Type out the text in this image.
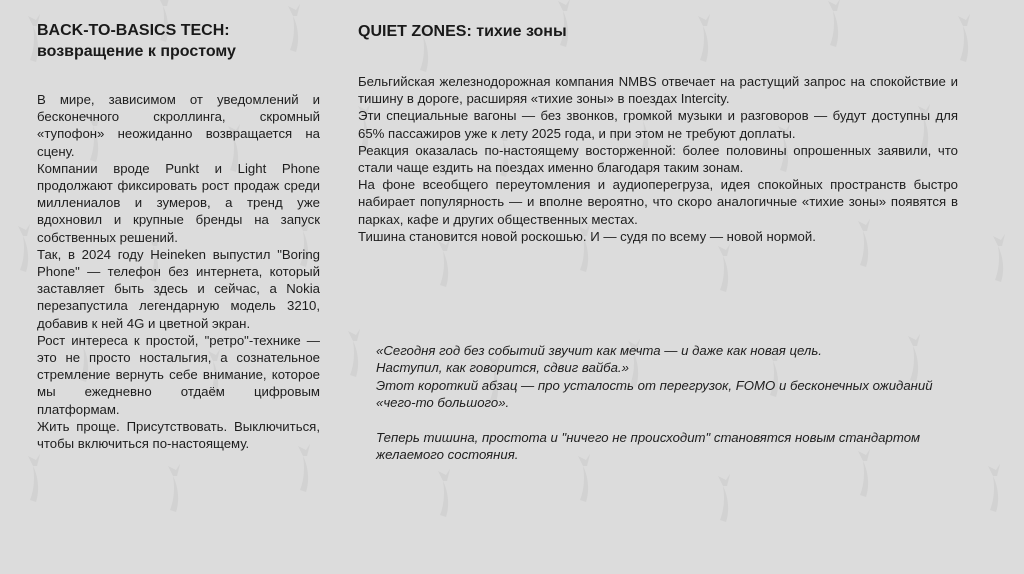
BACK-TO-BASICS TECH:
возвращение к простому

В мире, зависимом от уведомлений и бесконечного скроллинга, скромный «тупофон» неожиданно возвращается на сцену.

Компании вроде Punkt и Light Phone продолжают фиксировать рост продаж среди миллениалов и зумеров, а тренд уже вдохновил и крупные бренды на запуск собственных решений.

Так, в 2024 году Heineken выпустил "Boring Phone" — телефон без интернета, который заставляет быть здесь и сейчас, а Nokia перезапустила легендарную модель 3210, добавив к ней 4G и цветной экран.

Рост интереса к простой, "ретро"-технике — это не просто ностальгия, а сознательное стремление вернуть себе внимание, которое мы ежедневно отдаём цифровым платформам.

Жить проще. Присутствовать. Выключиться, чтобы включиться по-настоящему.

QUIET ZONES: тихие зоны

Бельгийская железнодорожная компания NMBS отвечает на растущий запрос на спокойствие и тишину в дороге, расширяя «тихие зоны» в поездах Intercity.

Эти специальные вагоны — без звонков, громкой музыки и разговоров — будут доступны для 65% пассажиров уже к лету 2025 года, и при этом не требуют доплаты.

Реакция оказалась по-настоящему восторженной: более половины опрошенных заявили, что стали чаще ездить на поездах именно благодаря таким зонам.

На фоне всеобщего переутомления и аудиоперегруза, идея спокойных пространств быстро набирает популярность — и вполне вероятно, что скоро аналогичные «тихие зоны» появятся в парках, кафе и других общественных местах.

Тишина становится новой роскошью. И — судя по всему — новой нормой.

«Сегодня год без событий звучит как мечта — и даже как новая цель.

Наступил, как говорится, сдвиг вайба.»

Этот короткий абзац — про усталость от перегрузок, FOMO и бесконечных ожиданий «чего-то большого».

Теперь тишина, простота и "ничего не происходит" становятся новым стандартом желаемого состояния.
